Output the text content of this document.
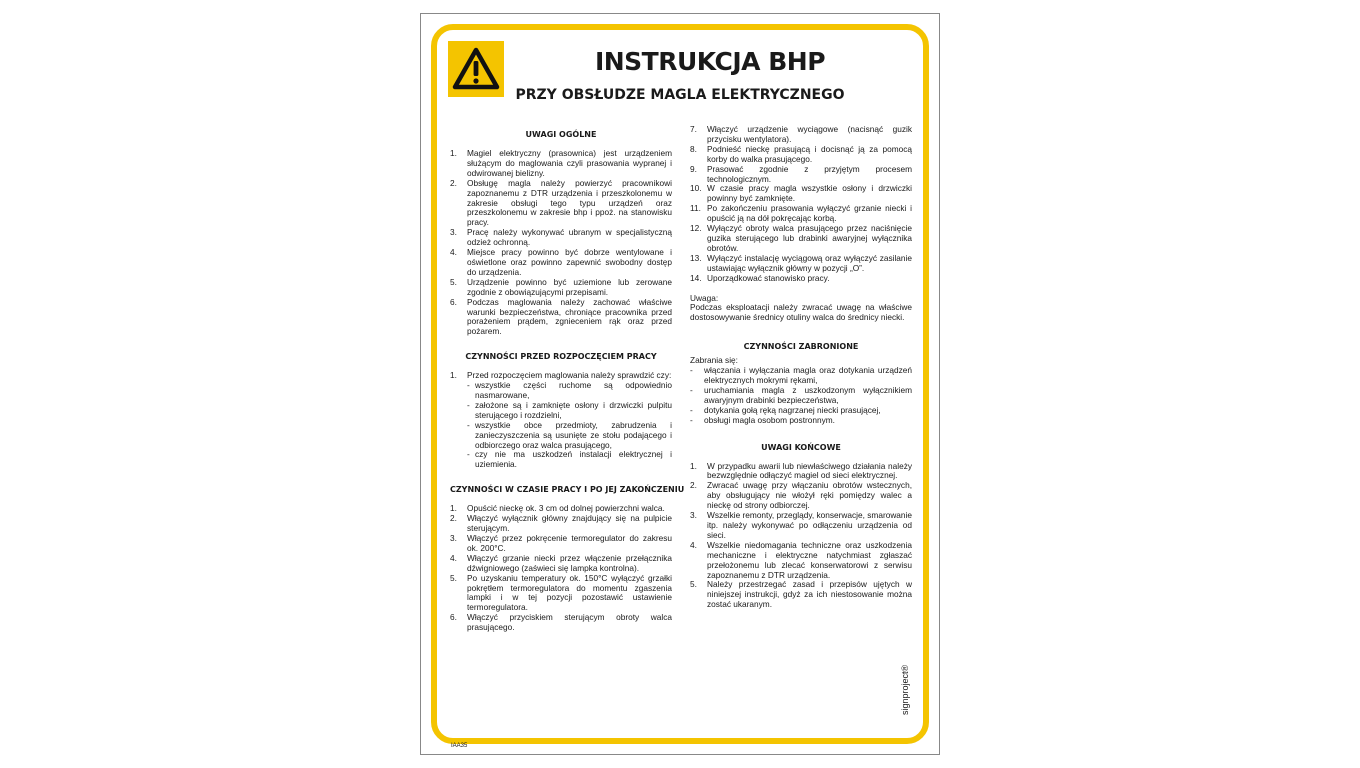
INSTRUKCJA BHP
PRZY OBSŁUDZE MAGLA ELEKTRYCZNEGO
UWAGI OGÓLNE
1. Magiel elektryczny (prasownica) jest urządzeniem służącym do maglowania czyli prasowania wypranej i odwirowanej bielizny.
2. Obsługę magla należy powierzyć pracownikowi zapoznanemu z DTR urządzenia i przeszkolonemu w zakresie obsługi tego typu urządzeń oraz przeszkolonemu w zakresie bhp i ppoż. na stanowisku pracy.
3. Pracę należy wykonywać ubranym w specjalistyczną odzież ochronną.
4. Miejsce pracy powinno być dobrze wentylowane i oświetlone oraz powinno zapewnić swobodny dostęp do urządzenia.
5. Urządzenie powinno być uziemione lub zerowane zgodnie z obowiązującymi przepisami.
6. Podczas maglowania należy zachować właściwe warunki bezpieczeństwa, chroniące pracownika przed porażeniem prądem, zgnieceniem rąk oraz przed pożarem.
CZYNNOŚCI PRZED ROZPOCZĘCIEM PRACY
1. Przed rozpoczęciem maglowania należy sprawdzić czy:
- wszystkie części ruchome są odpowiednio nasmarowane,
- założone są i zamknięte osłony i drzwiczki pulpitu sterującego i rozdzielni,
- wszystkie obce przedmioty, zabrudzenia i zanieczyszczenia są usunięte ze stołu podającego i odbiorczego oraz walca prasującego,
- czy nie ma uszkodzeń instalacji elektrycznej i uziemienia.
CZYNNOŚCI W CZASIE PRACY I PO JEJ ZAKOŃCZENIU
1. Opuścić nieckę ok. 3 cm od dolnej powierzchni walca.
2. Włączyć wyłącznik główny znajdujący się na pulpicie sterującym.
3. Włączyć przez pokręcenie termoregulator do zakresu ok. 200°C.
4. Włączyć grzanie niecki przez włączenie przełącznika dźwigniowego (zaświeci się lampka kontrolna).
5. Po uzyskaniu temperatury ok. 150°C wyłączyć grzałki pokrętłem termoregulatora do momentu zgaszenia lampki i w tej pozycji pozostawić ustawienie termoregulatora.
6. Włączyć przyciskiem sterującym obroty walca prasującego.
7. Włączyć urządzenie wyciągowe (nacisnąć guzik przycisku wentylatora).
8. Podnieść nieckę prasującą i docisnąć ją za pomocą korby do walka prasującego.
9. Prasować zgodnie z przyjętym procesem technologicznym.
10. W czasie pracy magla wszystkie osłony i drzwiczki powinny być zamknięte.
11. Po zakończeniu prasowania wyłączyć grzanie niecki i opuścić ją na dół pokręcając korbą.
12. Wyłączyć obroty walca prasującego przez naciśnięcie guzika sterującego lub drabinki awaryjnej wyłącznika obrotów.
13. Wyłączyć instalację wyciągową oraz wyłączyć zasilanie ustawiając wyłącznik główny w pozycji „O”.
14. Uporządkować stanowisko pracy.
Uwaga:
Podczas eksploatacji należy zwracać uwagę na właściwe dostosowywanie średnicy otuliny walca do średnicy niecki.
CZYNNOŚCI ZABRONIONE
Zabrania się:
- włączania i wyłączania magla oraz dotykania urządzeń elektrycznych mokrymi rękami,
- uruchamiania magla z uszkodzonym wyłącznikiem awaryjnym drabinki bezpieczeństwa,
- dotykania gołą ręką nagrzanej niecki prasującej,
- obsługi magla osobom postronnym.
UWAGI KOŃCOWE
1. W przypadku awarii lub niewłaściwego działania należy bezwzględnie odłączyć magiel od sieci elektrycznej.
2. Zwracać uwagę przy włączaniu obrotów wstecznych, aby obsługujący nie włożył ręki pomiędzy walec a nieckę od strony odbiorczej.
3. Wszelkie remonty, przeglądy, konserwacje, smarowanie itp. należy wykonywać po odłączeniu urządzenia od sieci.
4. Wszelkie niedomagania techniczne oraz uszkodzenia mechaniczne i elektryczne natychmiast zgłaszać przełożonemu lub zlecać konserwatorowi z serwisu zapoznanemu z DTR urządzenia.
5. Należy przestrzegać zasad i przepisów ujętych w niniejszej instrukcji, gdyż za ich niestosowanie można zostać ukaranym.
IAA35
signproject®
